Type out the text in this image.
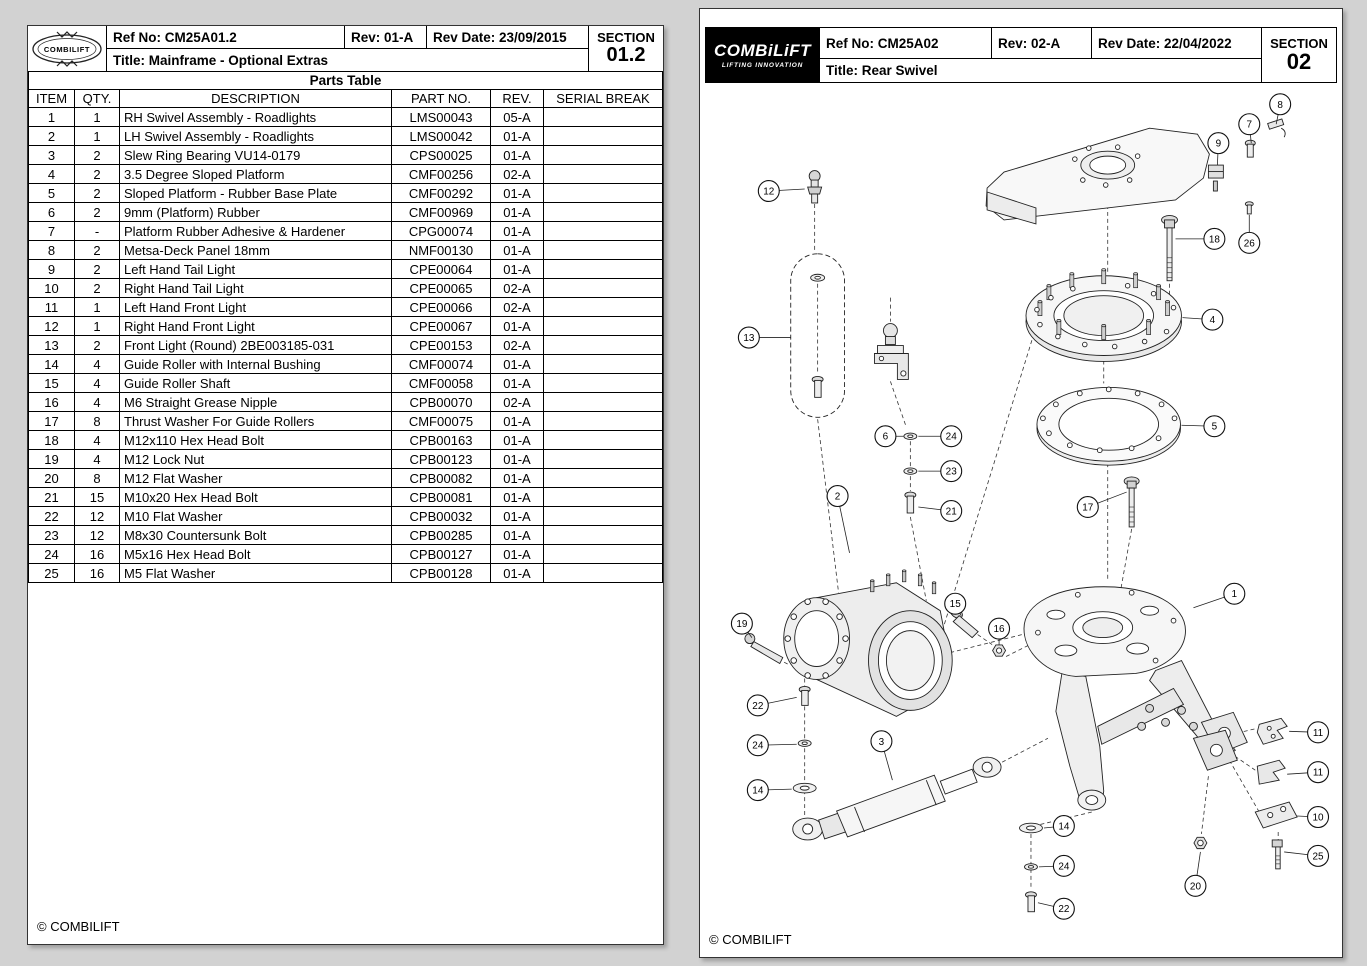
COMBILIFT
Ref No: CM25A01.2	Rev: 01-A	Rev Date: 23/09/2015	SECTION
01.2
Title: Mainframe - Optional Extras
Parts Table					
ITEM	QTY.	DESCRIPTION	PART NO.	REV.	SERIAL BREAK
1	1	RH Swivel Assembly - Roadlights	LMS00043	05-A	
2	1	LH Swivel Assembly - Roadlights	LMS00042	01-A	
3	2	Slew Ring Bearing VU14-0179	CPS00025	01-A	
4	2	3.5 Degree Sloped Platform	CMF00256	02-A	
5	2	Sloped Platform - Rubber Base Plate	CMF00292	01-A	
6	2	9mm (Platform) Rubber	CMF00969	01-A	
7	-	Platform Rubber Adhesive & Hardener	CPG00074	01-A	
8	2	Metsa-Deck Panel 18mm	NMF00130	01-A	
9	2	Left Hand Tail Light	CPE00064	01-A	
10	2	Right Hand Tail Light	CPE00065	02-A	
11	1	Left Hand Front Light	CPE00066	02-A	
12	1	Right Hand Front Light	CPE00067	01-A	
13	2	Front Light (Round) 2BE003185-031	CPE00153	02-A	
14	4	Guide Roller with Internal Bushing	CMF00074	01-A	
15	4	Guide Roller Shaft	CMF00058	01-A	
16	4	M6 Straight Grease Nipple	CPB00070	02-A	
17	8	Thrust Washer For Guide Rollers	CMF00075	01-A	
18	4	M12x110 Hex Head Bolt	CPB00163	01-A	
19	4	M12 Lock Nut	CPB00123	01-A	
20	8	M12 Flat Washer	CPB00082	01-A	
21	15	M10x20 Hex Head Bolt	CPB00081	01-A	
22	12	M10 Flat Washer	CPB00032	01-A	
23	12	M8x30 Countersunk Bolt	CPB00285	01-A	
24	16	M5x16 Hex Head Bolt	CPB00127	01-A	
25	16	M5 Flat Washer	CPB00128	01-A	
© COMBILIFT
COMBiLiFT
LIFTING INNOVATION
Ref No: CM25A02	Rev: 02-A	Rev Date: 22/04/2022	SECTION
02
Title: Rear Swivel
8
7
9
12
18 26
13
4
5
6	24
23
2
21	17
15
16
1
19
22
24	3
14
14
24
11
11
10
25
20
22
© COMBILIFT
